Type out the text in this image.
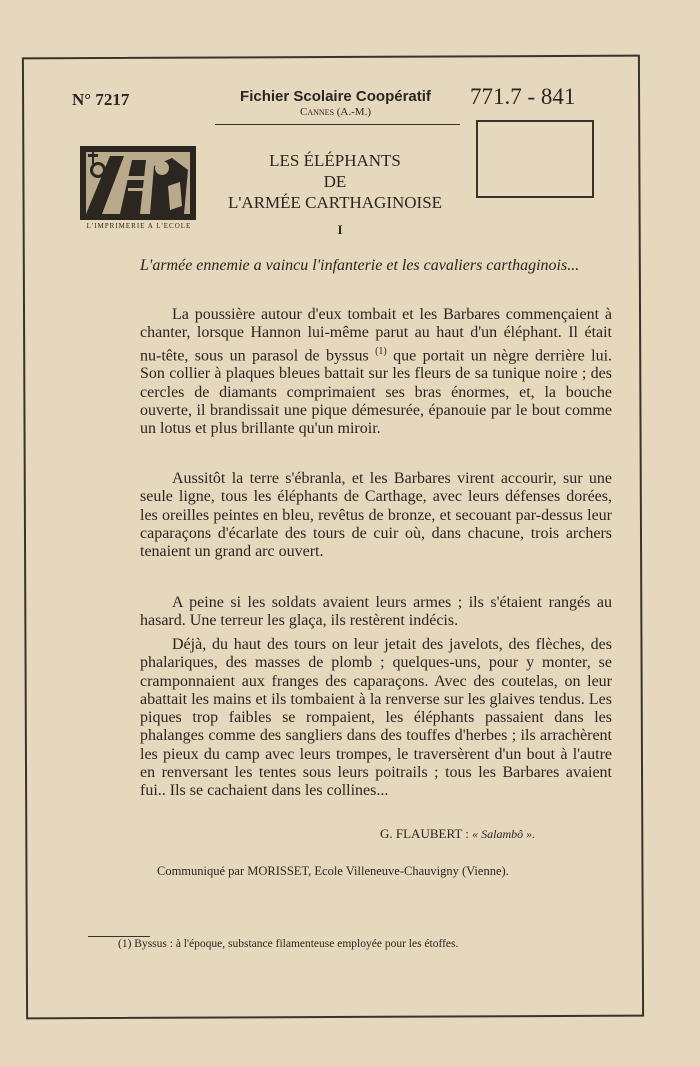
N° 7217	Fichier Scolaire Coopératif
Cannes (A.-M.)
771.7 - 841
L'IMPRIMERIE A L'ECOLE
LES ÉLÉPHANTS
DE
L'ARMÉE CARTHAGINOISE
I
L'armée ennemie a vaincu l'infanterie et les cavaliers carthaginois...

La poussière autour d'eux tombait et les Barbares commençaient à chanter, lorsque Hannon lui-même parut au haut d'un éléphant. Il était nu-tête, sous un parasol de byssus $^{(1)}$ que portait un nègre derrière lui. Son collier à plaques bleues battait sur les fleurs de sa tunique noire ; des cercles de diamants comprimaient ses bras énormes, et, la bouche ouverte, il brandissait une pique démesurée, épanouie par le bout comme un lotus et plus brillante qu'un miroir.

Aussitôt la terre s'ébranla, et les Barbares virent accourir, sur une seule ligne, tous les éléphants de Carthage, avec leurs défenses dorées, les oreilles peintes en bleu, revêtus de bronze, et secouant par-dessus leur caparaçons d'écarlate des tours de cuir où, dans chacune, trois archers tenaient un grand arc ouvert.

A peine si les soldats avaient leurs armes ; ils s'étaient rangés au hasard. Une terreur les glaça, ils restèrent indécis.

Déjà, du haut des tours on leur jetait des javelots, des flèches, des phalariques, des masses de plomb ; quelques-uns, pour y monter, se cramponnaient aux franges des caparaçons. Avec des coutelas, on leur abattait les mains et ils tombaient à la renverse sur les glaives tendus. Les piques trop faibles se rompaient, les éléphants passaient dans les phalanges comme des sangliers dans des touffes d'herbes ; ils arrachèrent les pieux du camp avec leurs trompes, le traversèrent d'un bout à l'autre en renversant les tentes sous leurs poitrails ; tous les Barbares avaient fui.. Ils se cachaient dans les collines...

G. FLAUBERT : « Salambô ».
Communiqué par MORISSET, Ecole Villeneuve-Chauvigny (Vienne).
(1) Byssus : à l'époque, substance filamenteuse employée pour les étoffes.
